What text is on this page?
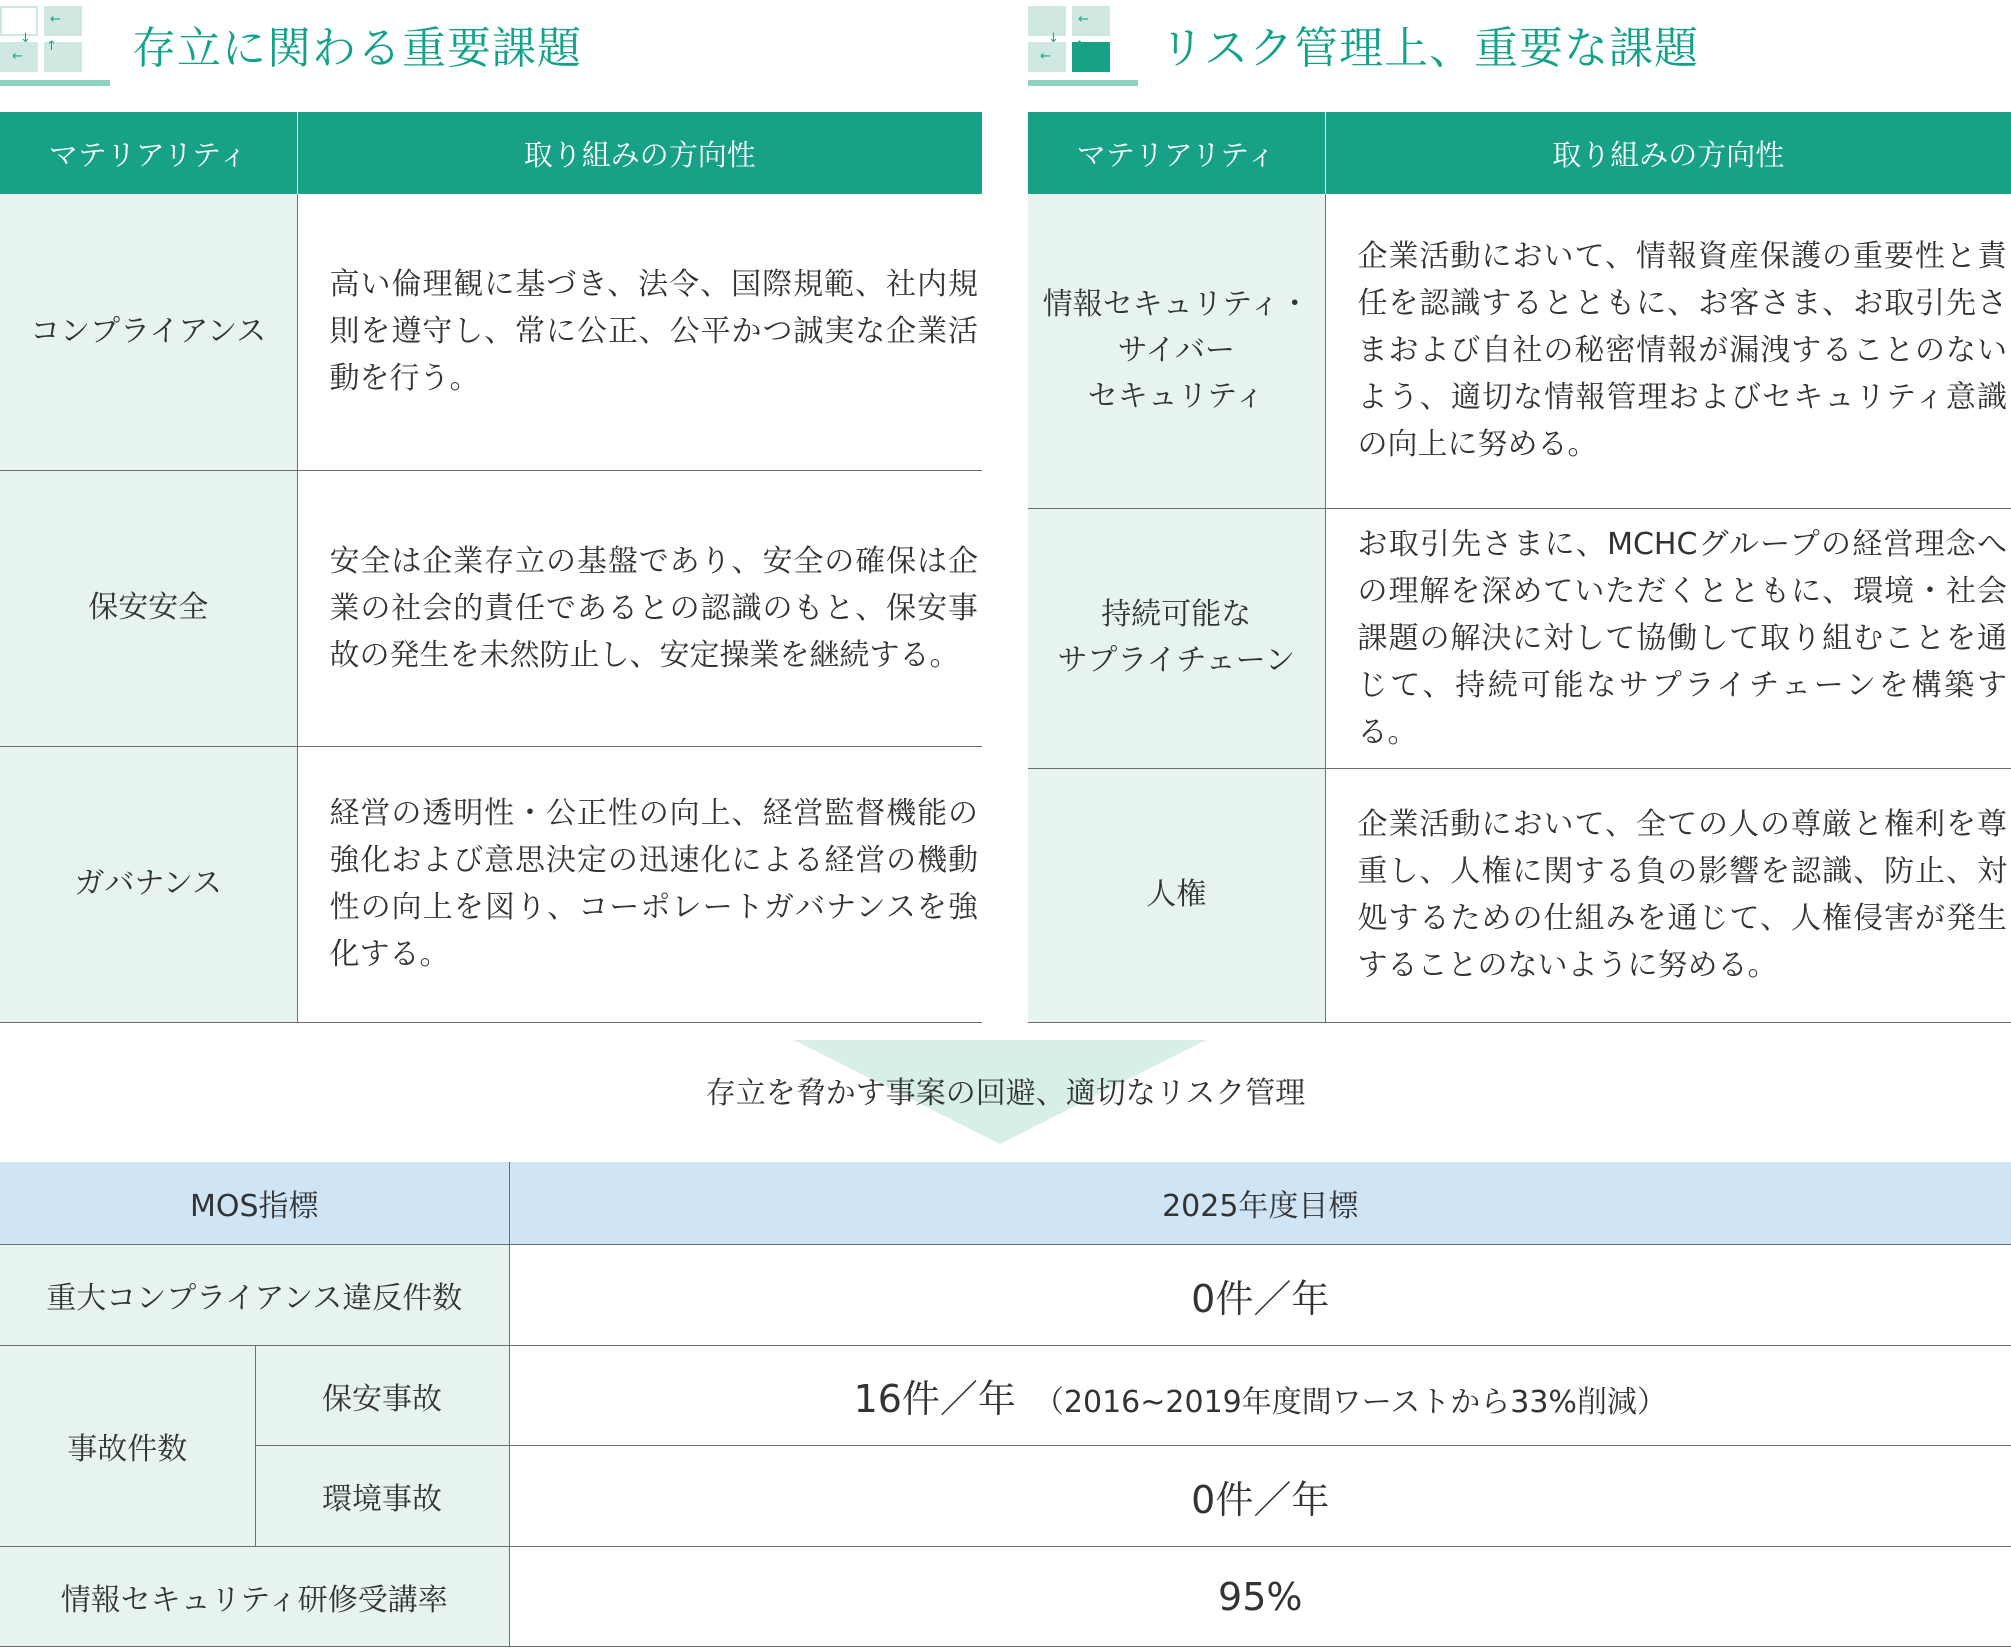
←
↓
←
↑ 存立に関わる重要課題
マテリアリティ	取り組みの方向性
コンプライアンス	高い倫理観に基づき、法令、国際規範、社内規則を遵守し、常に公正、公平かつ誠実な企業活動を行う。
保安安全	安全は企業存立の基盤であり、安全の確保は企業の社会的責任であるとの認識のもと、保安事故の発生を未然防止し、安定操業を継続する。
ガバナンス	経営の透明性・公正性の向上、経営監督機能の強化および意思決定の迅速化による経営の機動性の向上を図り、コーポレートガバナンスを強化する。
←
↓
←
↑ リスク管理上、重要な課題
マテリアリティ	取り組みの方向性
情報セキュリティ・
サイバー
セキュリティ	企業活動において、情報資産保護の重要性と責任を認識するとともに、お客さま、お取引先さまおよび自社の秘密情報が漏洩することのないよう、適切な情報管理およびセキュリティ意識の向上に努める。
持続可能な
サプライチェーン	お取引先さまに、MCHCグループの経営理念への理解を深めていただくとともに、環境・社会課題の解決に対して協働して取り組むことを通じて、持続可能なサプライチェーンを構築する。
人権	企業活動において、全ての人の尊厳と権利を尊重し、人権に関する負の影響を認識、防止、対処するための仕組みを通じて、人権侵害が発生することのないように努める。
存立を脅かす事案の回避、適切なリスク管理
MOS指標		2025年度目標
重大コンプライアンス違反件数		0件／年
事故件数	保安事故	16件／年 （2016~2019年度間ワーストから33%削減）
	環境事故	0件／年
情報セキュリティ研修受講率		95%
